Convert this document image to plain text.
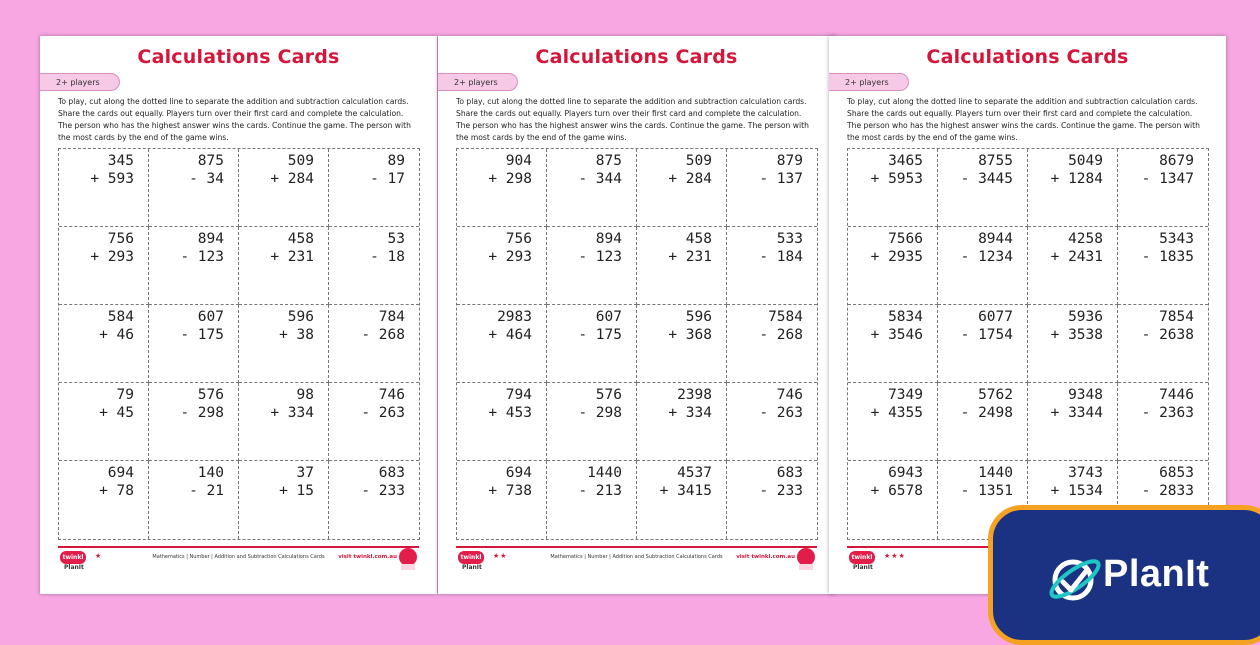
Calculations Cards
2+ players
To play, cut along the dotted line to separate the addition and subtraction calculation cards. Share the cards out equally. Players turn over their first card and complete the calculation. The person who has the highest answer wins the cards. Continue the game. The person with the most cards by the end of the game wins.
345
+ 593
875
- 34
509
+ 284
89
- 17
756
+ 293
894
- 123
458
+ 231
53
- 18
584
+ 46
607
- 175
596
+ 38
784
- 268
79
+ 45
576
- 298
98
+ 334
746
- 263
694
+ 78
140
- 21
37
+ 15
683
- 233
twinkl
PlanIt
★	Mathematics | Number | Addition and Subtraction Calculations Cards	visit twinkl.com.au
Calculations Cards
2+ players
To play, cut along the dotted line to separate the addition and subtraction calculation cards. Share the cards out equally. Players turn over their first card and complete the calculation. The person who has the highest answer wins the cards. Continue the game. The person with the most cards by the end of the game wins.
904
+ 298
875
- 344
509
+ 284
879
- 137
756
+ 293
894
- 123
458
+ 231
533
- 184
2983
+ 464
607
- 175
596
+ 368
7584
- 268
794
+ 453
576
- 298
2398
+ 334
746
- 263
694
+ 738
1440
- 213
4537
+ 3415
683
- 233
twinkl
PlanIt
★★	Mathematics | Number | Addition and Subtraction Calculations Cards	visit twinkl.com.au
Calculations Cards
2+ players
To play, cut along the dotted line to separate the addition and subtraction calculation cards. Share the cards out equally. Players turn over their first card and complete the calculation. The person who has the highest answer wins the cards. Continue the game. The person with the most cards by the end of the game wins.
3465
+ 5953
8755
- 3445
5049
+ 1284
8679
- 1347
7566
+ 2935
8944
- 1234
4258
+ 2431
5343
- 1835
5834
+ 3546
6077
- 1754
5936
+ 3538
7854
- 2638
7349
+ 4355
5762
- 2498
9348
+ 3344
7446
- 2363
6943
+ 6578
1440
- 1351
3743
+ 1534
6853
- 2833
twinkl
PlanIt
★★★	PlanIt
